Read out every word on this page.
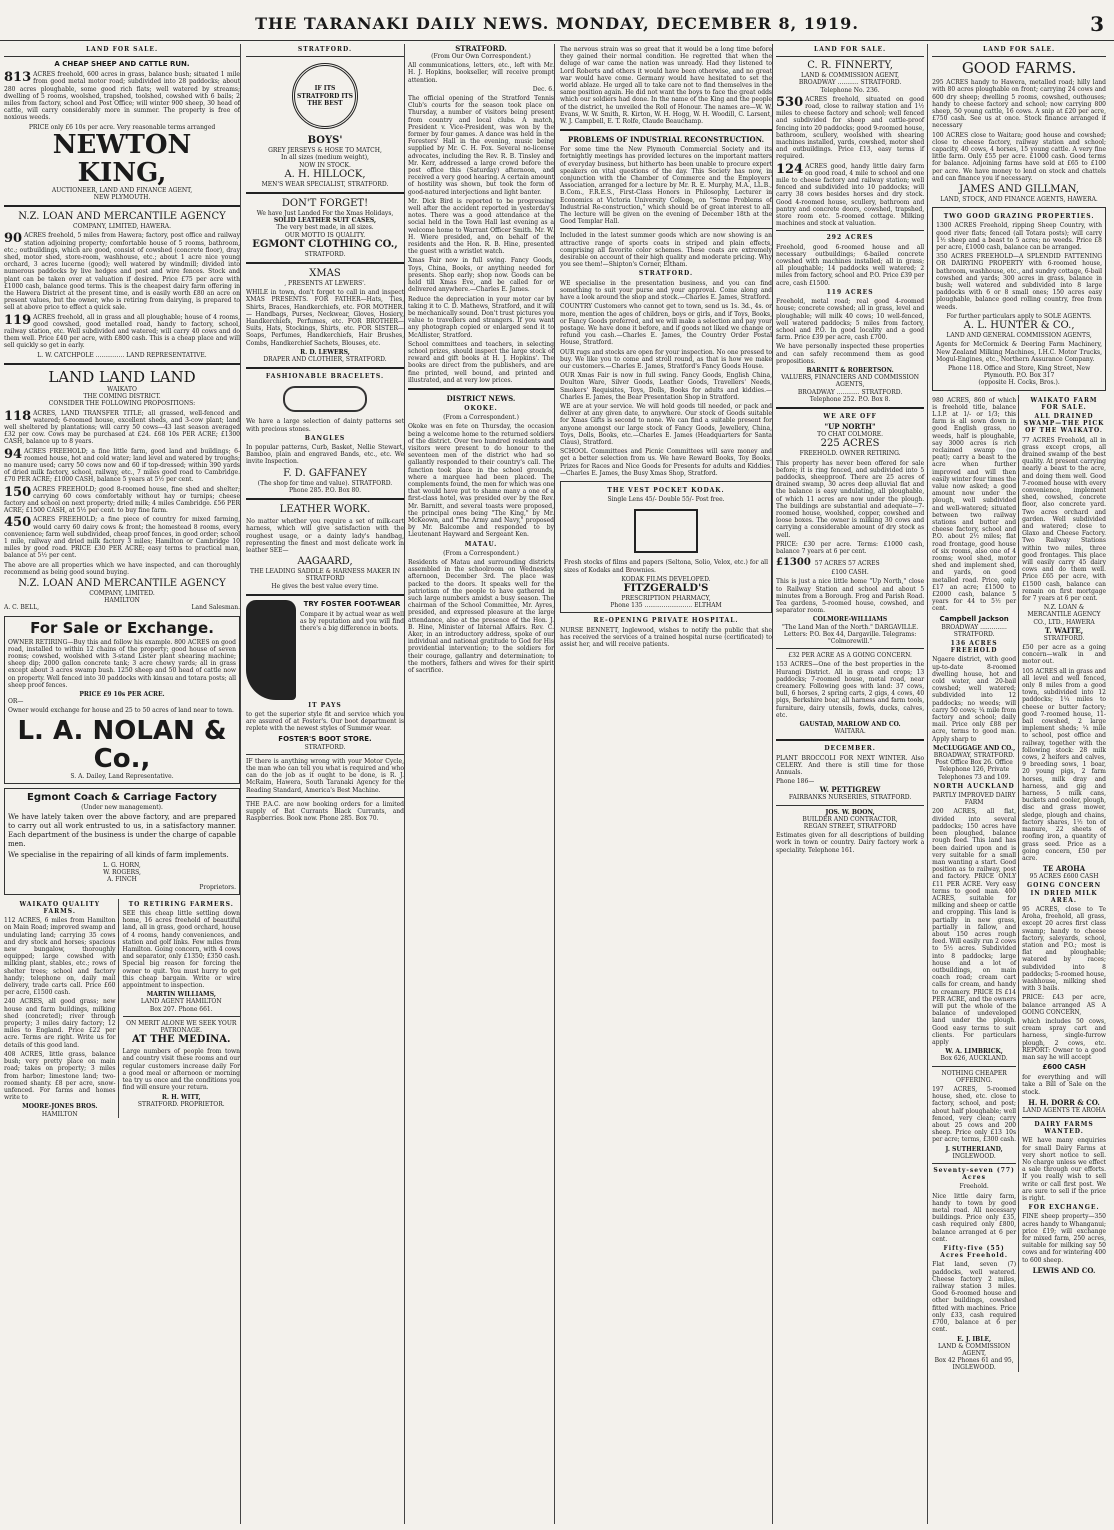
THE TARANAKI DAILY NEWS. MONDAY, DECEMBER 8, 1919.	3
LAND FOR SALE.
A CHEAP SHEEP AND CATTLE RUN.
813 ACRES freehold, 600 acres in grass, balance bush; situated 1 mile from good metal motor road; subdivided into 28 paddocks; about 280 acres ploughable, some good rich flats; well watered by streams; dwelling of 5 rooms, woolshed, trapshed, toolshed, cowshed with 6 bails; 2 miles from factory, school and Post Office; will winter 900 sheep, 30 head of cattle, will carry considerably more in summer. The property is free of noxious weeds.
PRICE only £6 10s per acre. Very reasonable terms arranged
NEWTON KING,
AUCTIONEER, LAND AND FINANCE AGENT,
NEW PLYMOUTH.
N.Z. LOAN AND MERCANTILE AGENCY
COMPANY, LIMITED, HAWERA.
90 ACRES freehold, 5 miles from Hawera; factory, post office and railway station adjoining property; comfortable house of 5 rooms, bathroom, etc.; outbuildings, which are good, consist of cowshed (concrete floor), dray shed, motor shed, store-room, washhouse, etc.; about 1 acre nice young orchard, 3 acres lucerne (good); well watered by windmill; divided into numerous paddocks by live hedges and post and wire fences. Stock and plant can be taken over at valuation if desired. Price £75 per acre with £1000 cash, balance good terms. This is the cheapest dairy farm offering in the Hawera District at the present time, and is easily worth £80 an acre on present values, but the owner, who is retiring from dairying, is prepared to sell at above price to effect a quick sale.
119 ACRES freehold, all in grass and all ploughable; house of 4 rooms, good cowshed, good metalled road, handy to factory, school, railway station, etc. Well subdivided and watered; will carry 40 cows and do them well. Price £40 per acre, with £800 cash. This is a cheap place and will sell quickly so get in early.
L. W. CATCHPOLE ............... LAND REPRESENTATIVE.
LAND LAND LAND
WAIKATO
THE COMING DISTRICT.
CONSIDER THE FOLLOWING PROPOSITIONS:
118 ACRES, LAND TRANSFER TITLE; all grassed, well-fenced and watered; 6-roomed house, excellent sheds, and 3-cow plant; land well sheltered by plantations; will carry 50 cows—43 last season averaged £32 per cow. Cows may be purchased at £24. £68 10s PER ACRE; £1300 CASH, balance up to 8 years.
94 ACRES FREEHOLD; a fine little farm, good land and buildings; 6-roomed house, hot and cold water; land level and watered by troughs; no manure used; carry 50 cows now and 60 if top-dressed; within 390 yards of dried milk factory, school, railway, etc., 7 miles good road to Cambridge. £70 PER ACRE; £1000 CASH, balance 5 years at 5½ per cent.
150 ACRES FREEHOLD; good 8-roomed house, fine shed and shelter; carrying 60 cows comfortably without hay or turnips; cheese factory and school on next property; dried milk; 4 miles Cambridge. £56 PER ACRE; £1500 CASH, at 5½ per cent. to buy fine farm.
450 ACRES FREEHOLD; a fine piece of country for mixed farming, would carry 60 dairy cows & front; the homestead 8 rooms, every convenience; farm well subdivided, cheap proof fences, in good order; school 1 mile, railway and dried milk factory 3 miles; Hamilton or Cambridge 10 miles by good road. PRICE £30 PER ACRE; easy terms to practical man, balance at 5½ per cent.
The above are all properties which we have inspected, and can thoroughly recommend as being good sound buying.
N.Z. LOAN AND MERCANTILE AGENCY
COMPANY, LIMITED.
HAMILTON
A. C. BELL,	Land Salesman.
For Sale or Exchange.
OWNER RETIRING—Buy this and follow his example. 800 ACRES on good road, installed to within 12 chains of the property; good house of seven rooms; cowshed, woolshed with 3-stand Lister plant shearing machine; sheep dip; 2000 gallon concrete tank; 3 acre chewy yards; all in grass except about 3 acres swamp bush. 1250 sheep and 50 head of cattle now on property. Well fenced into 30 paddocks with kinsau and totara posts; all sheep proof fences.
PRICE £9 10s PER ACRE.
OR—
Owner would exchange for house and 25 to 50 acres of land near to town.
L. A. NOLAN & Co.,
S. A. Dailey, Land Representative.
Egmont Coach & Carriage Factory
(Under new management).
We have lately taken over the above factory, and are prepared to carry out all work entrusted to us, in a satisfactory manner. Each department of the business is under the charge of capable men.
We specialise in the repairing of all kinds of farm implements.
L. G. HORN,
W. ROGERS,
A. FINCH
Proprietors.
WAIKATO QUALITY FARMS.
112 ACRES, 6 miles from Hamilton on Main Road; improved swamp and undulating land; carrying 35 cows and dry stock and horses; spacious new bungalow, thoroughly equipped; large cowshed with milking plant, stables, etc.; rows of shelter trees; school and factory handy; telephone on, daily mail delivery, trade carts call. Price £60 per acre, £1500 cash.
240 ACRES, all good grass; new house and farm buildings, milking shed (concreted); river through property; 3 miles dairy factory; 12 miles to England. Price £22 per acre. Terms are right. Write us for details of this good land.
408 ACRES, little grass, balance bush; very pretty place on main road; takes on property; 3 miles from harbor; limestone land; two-roomed shanty. £8 per acre, snow-unfenced. For farms and homes write to
MOORE-JONES BROS.
HAMILTON
TO RETIRING FARMERS.
SEE this cheap little settling down home, 16 acres freehold of beautiful land, all in grass, good orchard, house of 4 rooms, handy conveniences, and station and golf links. Few miles from Hamilton. Going concern, with 4 cows and separator, only £1350; £350 cash. Special big reason for forcing the owner to quit. You must hurry to get this cheap bargain. Write or wire appointment to inspection.
MARTIN WILLIAMS,
LAND AGENT HAMILTON
Box 207. Phone 661.
ON MERIT ALONE WE SEEK YOUR PATRONAGE.
AT THE MEDINA.
Large numbers of people from town and country visit these rooms and our regular customers increase daily For a good meal or afternoon or morning tea try us once and the conditions you find will ensure your return.
R. H. WITT,
STRATFORD. PROPRIETOR.
STRATFORD.
IF ITS STRATFORD ITS THE BEST
BOYS'
GREY JERSEYS & HOSE TO MATCH,
In all sizes (medium weight),
NOW IN STOCK.
A. H. HILLOCK,
MEN'S WEAR SPECIALIST, STRATFORD.
DON'T FORGET!
We have Just Landed For the Xmas Holidays,
SOLID LEATHER SUIT CASES,
The very best made, in all sizes.
OUR MOTTO IS QUALITY.
EGMONT CLOTHING CO.,
STRATFORD.
XMAS
, PRESENTS AT LEWERS'.
WHILE in town, don't forget to call in and inspect XMAS PRESENTS. FOR FATHER—Hats, Ties, Shirts, Braces, Handkerchiefs, etc. FOR MOTHER.— Handbags, Purses, Neckwear, Gloves, Hosiery, Handkerchiefs, Perfumes, etc. FOR BROTHER—Suits, Hats, Stockings, Shirts, etc. FOR SISTER—Soaps, Perfumes, Handkerchiefs, Hair Brushes, Combs, Handkerchief Sachets, Blouses, etc.
R. D. LEWERS,
DRAPER AND CLOTHIER, STRATFORD.
FASHIONABLE BRACELETS.
We have a large selection of dainty patterns set with precious stones.
BANGLES
In popular patterns, Curb, Basket, Nellie Stewart, Bamboo, plain and engraved Bands, etc., etc. We invite Inspection.
F. D. GAFFANEY
(The shop for time and value). STRATFORD.
Phone 285. P.O. Box 80.
LEATHER WORK.
No matter whether you require a set of milk-cart harness, which will give satisfaction with the roughest usage, or a dainty lady's handbag, representing the finest and most delicate work in leather SEE—
AAGAARD,
THE LEADING SADDLE & HARNESS MAKER IN STRATFORD
He gives the best value every time.
TRY FOSTER FOOT-WEAR
Compare it by actual wear as well as by reputation and you will find there's a big difference in boots.
IT PAYS
to get the superior style fit and service which you are assured of at Foster's. Our boot department is replete with the newest styles of Summer wear.
FOSTER'S BOOT STORE.
STRATFORD.
IF there is anything wrong with your Motor Cycle, the man who can tell you what is required and who can do the job as it ought to be done, is R. J. McRaim, Hawera, South Taranaki Agency for the Reading Standard, America's Best Machine.
THE P.A.C. are now booking orders for a limited supply of Bat Currants Black Currants, and Raspberries. Book now. Phone 285. Box 70.
STRATFORD.
(From Our Own Correspondent.)
All communications, letters, etc., left with Mr. H. J. Hopkins, bookseller, will receive prompt attention.
Dec. 6.
The official opening of the Stratford Tennis Club's courts for the season took place on Thursday, a number of visitors being present from country and local clubs. A match, President v. Vice-President, was won by the former by four games. A dance was held in the Foresters' Hall in the evening, music being supplied by Mr. C. H. Fox. Several no-license advocates, including the Rev. R. B. Tinsley and Mr. Kerr, addressed a large crowd before the post office this (Saturday) afternoon, and received a very good hearing. A certain amount of hostility was shown, but took the form of good-natured interjections and light banter.
Mr. Dick Bird is reported to be progressing well after the accident reported in yesterday's notes. There was a good attendance at the social held in the Town Hall last evening as a welcome home to Warrant Officer Smith. Mr. W. H. Wiere presided, and, on behalf of the residents and the Hon. R. B. Hine, presented the guest with a wristlet watch.
Xmas Fair now in full swing. Fancy Goods, Toys, China, Books, or anything needed for presents. Shop early; shop now. Goods can be held till Xmas Eve, and be called for or delivered anywhere.—Charles E. James.
Reduce the depreciation in your motor car by taking it to C. D. Mathews, Stratford, and it will be mechanically sound. Don't trust pictures you value to travellers and strangers. If you want any photograph copied or enlarged send it to McAllister, Stratford.
School committees and teachers, in selecting school prizes, should inspect the large stock of reward and gift books at H. J. Hopkins'. The books are direct from the publishers, and are fine printed, well bound, and printed and illustrated, and at very low prices.
DISTRICT NEWS.
OKOKE.
(From a Correspondent.)
Okoke was en fete on Thursday, the occasion being a welcome home to the returned soldiers of the district. Over two hundred residents and visitors were present to do honour to the seventeen men of the district who had so gallantly responded to their country's call. The function took place in the school grounds, where a marquee had been placed. The complements found, the men for which was one that would have put to shame many a one of a first-class hotel, was presided over by the Rev. Mr. Barnitt, and several toasts were proposed, the principal ones being "The King," by Mr. McKeown, and "The Army and Navy," proposed by Mr. Balcombe and responded to by Lieutenant Hayward and Sergeant Ken.
MATAU.
(From a Correspondent.)
Residents of Matau and surrounding districts assembled in the schoolroom on Wednesday afternoon, December 3rd. The place was packed to the doors. It speaks well for the patriotism of the people to have gathered in such large numbers amidst a busy season. The chairman of the School Committee, Mr. Ayres, presided, and expressed pleasure at the large attendance, also at the presence of the Hon. J. B. Hine, Minister of Internal Affairs. Rev. C. Aker, in an introductory address, spoke of our individual and national gratitude to God for His providential intervention; to the soldiers for their courage, gallantry and determination; to the mothers, fathers and wives for their spirit of sacrifice.
The nervous strain was so great that it would be a long time before they gained their normal condition. He regretted that when the deluge of war came the nation was unready. Had they listened to Lord Roberts and others it would have been otherwise, and no great war would have come. Germany would have hesitated to set the world ablaze. He urged all to take care not to find themselves in the same position again. He did not want the boys to face the great odds which our soldiers had done. In the name of the King and the people of the district, he unveiled the Roll of Honour. The names are—W. W. Evans, W. W. Smith, R. Kirton, W. H. Hogg, W. H. Woodill, C. Larsent, W. J. Campbell, E. T. Rolfe, Claude Beauchamp.
PROBLEMS OF INDUSTRIAL RECONSTRUCTION.
For some time the New Plymouth Commercial Society and its fortnightly meetings has provided lectures on the important matters of everyday business, but hitherto has been unable to procure expert speakers on vital questions of the day. This Society has now, in conjunction with the Chamber of Commerce and the Employers' Association, arranged for a lecture by Mr. R. E. Murphy, M.A., LL.B., B.Com., F.R.E.S., First-Class Honors in Philosophy, Lecturer in Economics at Victoria University College, on "Some Problems of Industrial Re-construction," which should be of great interest to all. The lecture will be given on the evening of December 18th at the Good Templar Hall.
Included in the latest summer goods which are now showing is an attractive range of sports coats in striped and plain effects, comprising all favorite color schemes. These coats are extremely desirable on account of their high quality and moderate pricing. Why you see them!—Shipton's Corner, Eltham.
STRATFORD.
WE specialise in the presentation business, and you can find something to suit your purse and your approval. Come along and have a look around the shop and stock.—Charles E. James, Stratford.
COUNTRY Customers who cannot get to town, send us 1s. 3d., 4s. or more, mention the ages of children, boys or girls, and if Toys, Books, or Fancy Goods preferred, and we will make a selection and pay your postage. We have done it before, and if goods not liked we change or refund you cash.—Charles E. James, the Country Order Postal House, Stratford.
OUR rugs and stocks are open for your inspection. No one pressed to buy. We like you to come and stroll round, as that is how we make our customers.—Charles E. James, Stratford's Fancy Goods House.
OUR Xmas Fair is now in full swing. Fancy Goods, English China, Doulton Ware, Silver Goods, Leather Goods, Travellers' Needs, Smokers' Requisites, Toys, Dolls, Books for adults and kiddies.—Charles E. James, the Bear Presentation Shop in Stratford.
WE are at your service. We will hold goods till needed, or pack and deliver at any given date, to anywhere. Our stock of Goods suitable for Xmas Gifts is second to none. We can find a suitable present for anyone amongst our large stock of Fancy Goods, Jewellery, China, Toys, Dolls, Books, etc.—Charles E. James (Headquarters for Santa Claus), Stratford.
SCHOOL Committees and Picnic Committees will save money and get a better selection from us. We have Reward Books, Toy Books, Prizes for Races and Nice Goods for Presents for adults and Kiddies.—Charles E. James, the Busy Xmas Shop, Stratford.
THE VEST POCKET KODAK.
Single Lens 45/- Double 55/- Post free.
Fresh stocks of films and papers (Seltona, Solio, Velox, etc.) for all sizes of Kodaks and Brownies.
KODAK FILMS DEVELOPED.
FITZGERALD'S
PRESCRIPTION PHARMACY,
Phone 135 ......................... ELTHAM
RE-OPENING PRIVATE HOSPITAL.
NURSE BENNETT, Inglewood, wishes to notify the public that she has received the services of a trained hospital nurse (certificated) to assist her, and will receive patients.
LAND FOR SALE.
C. R. FINNERTY,
LAND & COMMISSION AGENT,
BROADWAY ........... STRATFORD.
Telephone No. 236.
530 ACRES freehold, situated on good road, close to railway station and 1½ miles to cheese factory and school; well fenced and subdivided for sheep and cattle-proof fencing into 20 paddocks; good 9-roomed house, bathroom, scullery, woolshed with shearing machines installed, yards, cowshed, motor shed and outbuildings. Price £13, easy terms if required.
124 ACRES good, handy little dairy farm on good road, 4 mile to school and one mile to cheese factory and railway station; well fenced and subdivided into 10 paddocks; will carry 38 cows besides horses and dry stock. Good 4-roomed house, scullery, bathroom and pantry and concrete doors, cowshed, trapshed, store room etc. 5-roomed cottage. Milking machines and stock at valuation.
292 ACRES
Freehold, good 6-roomed house and all necessary outbuildings; 6-bailed concrete cowshed with machines installed; all in grass; all ploughable; 14 paddocks well watered; 2 miles from factory, school and P.O. Price £39 per acre, cash £1500.
119 ACRES
Freehold, metal road; real good 4-roomed house; concrete cowshed; all in grass, level and ploughable; will milk 40 cows; 10 well-fenced, well watered paddocks; 5 miles from factory, school and P.O. In good locality and a good farm. Price £39 per acre, cash £700.
We have personally inspected these properties and can safely recommend them as good propositions.
BARNITT & ROBERTSON.
VALUERS, FINANCIERS AND COMMISSION AGENTS,
BROADWAY ............ STRATFORD.
Telephone 252. P.O. Box 8.
WE ARE OFF
"UP NORTH"
TO CHAT COLMORE.
225 ACRES
FREEHOLD. OWNER RETIRING.
This property has never been offered for sale before; it is ring fenced, and subdivided into 5 paddocks, sheepproof. There are 25 acres of drained swamp, 30 acres deep alluvial flat and the balance is easy undulating, all ploughable, of which 11 acres are now under the plough. The buildings are substantial and adequate—7-roomed house, woolshed, copper, cowshed and loose boxes. The owner is milking 30 cows and carrying a considerable amount of dry stock as well.
PRICE: £30 per acre. Terms: £1000 cash, balance 7 years at 6 per cent.
£1300 57 ACRES 57 ACRES
£100 CASH.
This is just a nice little home "Up North," close to Railway Station and school and about 5 minutes from a Borough. Frog and Parish Road. Tea gardens, 5-roomed house, cowshed, and separator room.
COLMORE-WILLIAMS
"The Land Man of the North." DARGAVILLE.
Letters: P.O. Box 44, Dargaville. Telegrams: "Colmorewill."
£32 PER ACRE AS A GOING CONCERN.
153 ACRES—One of the best properties in the Hurangi District. All in grass and crops; 13 paddocks; 7-roomed house, metal road, near creamery. Following goes with land: 37 cows, bull, 6 horses, 2 spring carts, 2 gigs, 4 cows, 40 pigs, Berkshire boar, all harness and farm tools, furniture, dairy utensils, fowls, ducks, calves, etc.
GAUSTAD, MARLOW AND CO.
WAITARA.
DECEMBER.
PLANT BROCCOLI FOR NEXT WINTER. Also CELERY. And there is still time for those Annuals.
Phone 186—
W. PETTIGREW
FAIRBANKS NURSERIES, STRATFORD.
JOS. W. BOON,
BUILDER AND CONTRACTOR,
REGAN STREET, STRATFORD
Estimates given for all descriptions of building work in town or country. Dairy factory work a speciality. Telephone 161.
LAND FOR SALE.
GOOD FARMS.
295 ACRES handy to Hawera, metalled road; hilly land with 80 acres ploughable on front; carrying 24 cows and 600 dry sheep; dwelling 5 rooms, cowshed, outhouses; handy to cheese factory and school; now carrying 800 sheep, 50 young cattle, 16 cows. A snip at £20 per acre, £750 cash. See us at once. Stock finance arranged if necessary
100 ACRES close to Waitara; good house and cowshed; close to cheese factory, railway station and school; capacity, 40 cows, 4 horses, 15 young cattle. A very fine little farm. Only £55 per acre. £1000 cash. Good terms for balance. Adjoining farms have sold at £65 to £100 per acre. We have money to lend on stock and chattels and can finance you if necessary.
JAMES AND GILLMAN,
LAND, STOCK, AND FINANCE AGENTS, HAWERA.
TWO GOOD GRAZING PROPERTIES.
1300 ACRES Freehold, ripping Sheep Country, with good river flats; fenced (all Totara posts); will carry 1½ sheep and a beast to 5 acres; no weeds. Price £8 per acre, £1000 cash, balance can be arranged.
350 ACRES FREEHOLD—A SPLENDID FATTENING OR DAIRYING PROPERTY with 6-roomed house, bathroom, washhouse, etc., and sundry cottage, 6-bail cowshed and yards; 300 acres in grass, balance in bush; well watered and subdivided into 8 large paddocks with 6 or 8 small ones; 150 acres easy ploughable, balance good rolling country, free from weeds.
For further particulars apply to SOLE AGENTS.
A. L. HUNTER & CO.,
LAND AND GENERAL COMMISSION AGENTS,
Agents for McCormick & Deering Farm Machinery, New Zealand Milking Machines, I.H.C. Motor Trucks, Mogul-Engines, etc., Northern Assurance Company.
Phone 118. Office and Store, King Street, New Plymouth. P.O. Box 317
(opposite H. Cocks, Bros.).
980 ACRES, 860 of which is freehold title, balance L.I.P. at 1/- or 1/3; this farm is all sown down in good English grass, no weeds, half is ploughable, say 3000 acres is rich reclaimed swamp (no peat); carry a beast to the acre when further improved and will then easily winter four times the value now asked; a good amount now under the plough, well subdivided and well-watered; situated between two railway stations and butter and cheese factory, school and P.O. about 2½ miles; flat road frontage, good house of six rooms, also one of 4 rooms; wool shed, motor shed and implement shed, and yards, on good metalled road. Price, only £17 an acre; £1500 to £2000 cash, balance 5 years for 44 to 5½ per cent.
Campbell Jackson
BROADWAY .............. STRATFORD.
136 ACRES FREEHOLD
Ngaere district, with good up-to-date 8-roomed dwelling house, hot and cold water, and 20-bail cowshed; well watered; subdivided into 12 paddocks; no weeds; will carry 50 cows; ¼ mile from factory and school; daily mail. Price only £88 per acre, terms to good man. Apply sharp to
McCLUGGAGE AND CO.,
BROADWAY, STRATFORD.
Post Office Box 26. Office Telephone 126, Private Telephones 73 and 109.
NORTH AUCKLAND
PARTLY IMPROVED DAIRY FARM
200 ACRES, all flat, divided into several paddocks; 150 acres have been ploughed, balance rough feed. This land has been dairied upon and is very suitable for a small man wanting a start. Good position as to railway, post and factory. PRICE ONLY £11 PER ACRE. Very easy terms to good man. 400 ACRES, suitable for milking and sheep or cattle and cropping. This land is partially in new grass, partially in fallow, and about 150 acres rough feed. Will easily run 2 cows to 5½ acres. Subdivided into 8 paddocks; large house and a lot of outbuildings, on main coach road; cream cart calls for cream, and handy to creamery. PRICE IS £14 PER ACRE, and the owners will put the whole of the balance of undeveloped land under the plough. Good easy terms to suit clients. For particulars apply
W. A. LIMBRICK,
Box 626, AUCKLAND.
NOTHING CHEAPER OFFERING.
197 ACRES, 5-roomed house, shed, etc. close to factory, school, and post; about half ploughable; well fenced, very clean; carry about 25 cows and 200 sheep. Price only £13 10s per acre; terms, £300 cash.
J. SUTHERLAND,
INGLEWOOD.
Seventy-seven (77) Acres
Freehold.
Nice little dairy farm, handy to town by good metal road. All necessary buildings. Price only £35, cash required only £800, balance arranged at 6 per cent.
Fifty-five (55) Acres Freehold.
Flat land, seven (7) paddocks, well watered. Cheese factory 2 miles, railway station 3 miles. Good 6-roomed house and other buildings, cowshed fitted with machines. Price only £33, cash required £700, balance at 6 per cent.
E. J. IBLE,
LAND & COMMISSION AGENT,
Box 42 Phones 61 and 95,
INGLEWOOD.
WAIKATO FARM FOR SALE.
ALL DRAINED SWAMP—THE PICK OF THE WAIKATO.
77 ACRES Freehold, all in grass except crops, all drained swamp of the best quality. At present carrying nearly a beast to the acre, and doing them well. Good 7-roomed house with every convenience, implement shed, cowshed, concrete floor, also concrete yard. Two acres orchard and garden. Well subdivided and watered; close to Glaxo and Cheese Factory. Two Railway Stations within two miles, three good frontages. This place will easily carry 45 dairy cows and do them well. Price £65 per acre, with £1500 cash, balance can remain on first mortgage for 7 years at 6 per cent.
N.Z. LOAN & MERCANTILE AGENCY CO., LTD., HAWERA
T. WAITE,
STRATFORD.
£50 per acre as a going concern—walk in and motor out.
105 ACRES all in grass and all level and well fenced, only 8 miles from a good town, subdivided into 12 paddocks; 1¼ miles to cheese or butter factory; good 7-roomed house, 11-bail cowshed, 2 large implement sheds; ¼ mile to school, post office and railway, together with the following stock: 28 milk cows, 2 heifers and calves, 9 breeding sows, 1 boar, 20 young pigs, 2 farm horses, milk dray and harness, and gig and harness, 5 milk cans, buckets and cooler, plough, disc and grass mower, sledge, plough and chains, factory shares, 1½ ton of manure, 22 sheets of roofing iron, a quantity of grass seed. Price as a going concern, £50 per acre.
TE AROHA
95 ACRES £600 CASH
GOING CONCERN IN DRIED MILK AREA.
95 ACRES, close to Te Aroha, freehold, all grass, except 20 acres first class swamp; handy to cheese factory, saleyards, school, station and P.O.; most is flat and ploughable; watered by races; subdivided into 8 paddocks; 5-roomed house, washhouse, milking shed with 3 bails.
PRICE: £43 per acre, balance arranged AS A GOING CONCERN,
which includes 50 cows, cream spray cart and harness, single-furrow plough, 2 cows, etc. REPORT: Owner to a good man say he will accept
£600 CASH
for everything and will take a Bill of Sale on the stock.
H. H. DORR & CO.
LAND AGENTS TE AROHA
DAIRY FARMS WANTED.
WE have many enquiries for small Dairy Farms at very short notice to sell. No charge unless we effect a sale through our efforts. If you really wish to sell write or call first post. We are sure to sell if the price is right.
FOR EXCHANGE.
FINE sheep property—350 acres handy to Whanganui; price £19; will exchange for mixed farm, 250 acres, suitable for milking say 50 cows and for wintering 400 to 600 sheep.
LEWIS AND CO.
